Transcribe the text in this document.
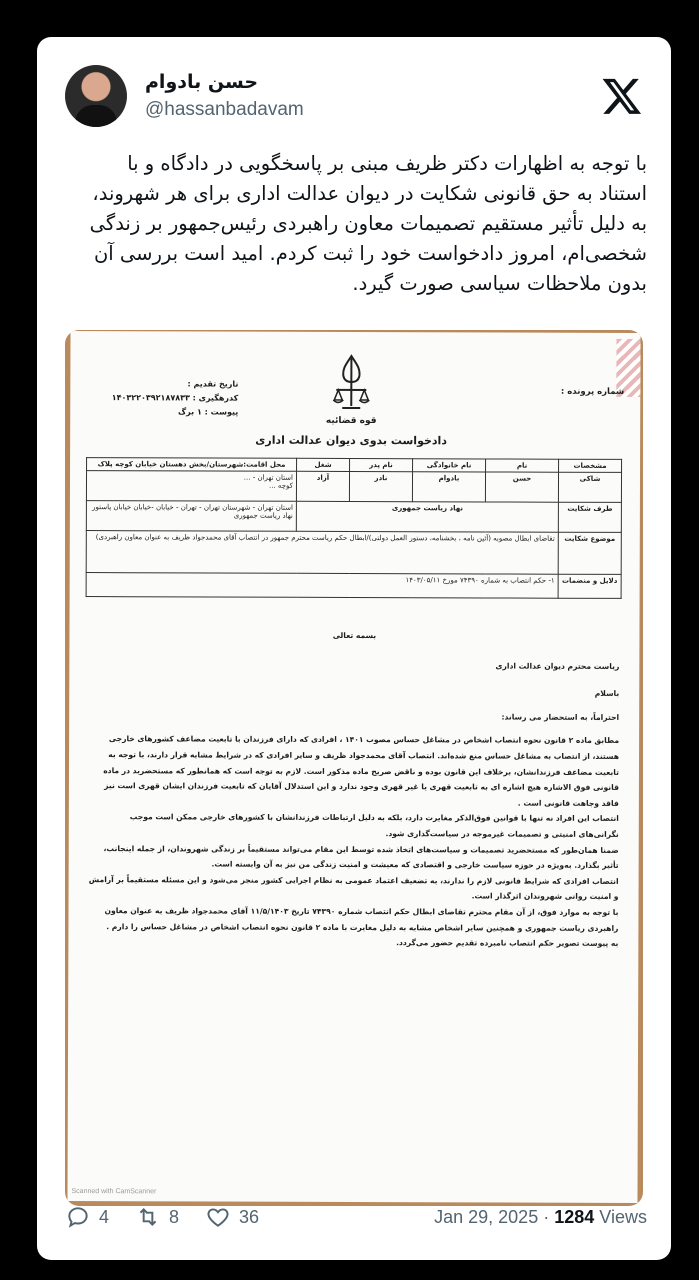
حسن بادوام
@hassanbadavam
با توجه به اظهارات دکتر ظریف مبنی بر پاسخگویی در دادگاه و با استناد به حق قانونی شکایت در دیوان عدالت اداری برای هر شهروند، به دلیل تأثیر مستقیم تصمیمات معاون راهبردی رئیس‌جمهور بر زندگی شخصی‌ام، امروز دادخواست خود را ثبت کردم. امید است بررسی آن بدون ملاحظات سیاسی صورت گیرد.
قوه قضائیه
دادخواست بدوی دیوان عدالت اداری
شماره پرونده :
تاریخ تقدیم :
کدرهگیری : ۱۴۰۳۲۲۰۳۹۲۱۸۷۸۳۳
پیوست : ۱ برگ
مشخصات	نام	نام خانوادگی	نام پدر	شغل	محل اقامت:شهرستان/بخش دهستان خیابان کوچه پلاک
شاکی	حسن	بادوام	نادر	آزاد	استان تهران - ...
کوچه ...

طرف شکایت	نهاد ریاست جمهوری				استان تهران - شهرستان تهران - تهران - خیابان -خیابان خیابان پاستور
نهاد ریاست جمهوری

موضوع شکایت	تقاضای ابطال مصوبه (آئین نامه ، بخشنامه، دستور العمل دولتی)/ابطال حکم ریاست محترم جمهور در انتصاب آقای محمدجواد ظریف به عنوان معاون راهبردی)				
دلایل و منضمات	۱- حکم انتصاب به شماره ۷۴۳۹۰ مورخ ۱۴۰۳/۰۵/۱۱				

بسمه تعالی

ریاست محترم دیوان عدالت اداری

باسلام

احتراماً، به استحضار می رساند:

مطابق ماده ۲ قانون نحوه انتصاب اشخاص در مشاغل حساس مصوب ۱۴۰۱ ، افرادی که دارای فرزندان با تابعیت مضاعف کشورهای خارجی هستند، از انتصاب به مشاغل حساس منع شده‌اند. انتصاب آقای محمدجواد ظریف و سایر افرادی که در شرایط مشابه قرار دارند، با توجه به تابعیت مضاعف فرزندانشان، برخلاف این قانون بوده و ناقض صریح ماده مذکور است. لازم به توجه است که همانطور که مستحضرید در ماده قانونی فوق الاشاره هیچ اشاره ای به تابعیت قهری یا غیر قهری وجود ندارد و این استدلال آقایان که تابعیت فرزندان ایشان قهری است نیز فاقد وجاهت قانونی است .

انتصاب این افراد نه تنها با قوانین فوق‌الذکر مغایرت دارد، بلکه به دلیل ارتباطات فرزندانشان با کشورهای خارجی ممکن است موجب نگرانی‌های امنیتی و تصمیمات غیرموجه در سیاست‌گذاری شود.

ضمنا همان‌طور که مستحضرید تصمیمات و سیاست‌های اتخاذ شده توسط این مقام می‌تواند مستقیماً بر زندگی شهروندان، از جمله اینجانب، تأثیر بگذارد. بەویژه در حوزه سیاست خارجی و اقتصادی که معیشت و امنیت زندگی من نیز به آن وابسته است.

انتصاب افرادی که شرایط قانونی لازم را ندارند، به تضعیف اعتماد عمومی به نظام اجرایی کشور منجر می‌شود و این مسئله مستقیماً بر آرامش و امنیت روانی شهروندان اثرگذار است.

با توجه به موارد فوق، از آن مقام محترم تقاضای ابطال حکم انتصاب شماره ۷۴۳۹۰ تاریخ ۱۱/۵/۱۴۰۳ آقای محمدجواد ظریف به عنوان معاون راهبردی ریاست جمهوری و همچنین سایر اشخاص مشابه به دلیل مغایرت با ماده ۲ قانون نحوه انتصاب اشخاص در مشاغل حساس را دارم .

به پیوست تصویر حکم انتصاب نامبرده تقدیم حضور می‌گردد.

Scanned with CamScanner
4	8	36	Jan 29, 2025 · 1284 Views
